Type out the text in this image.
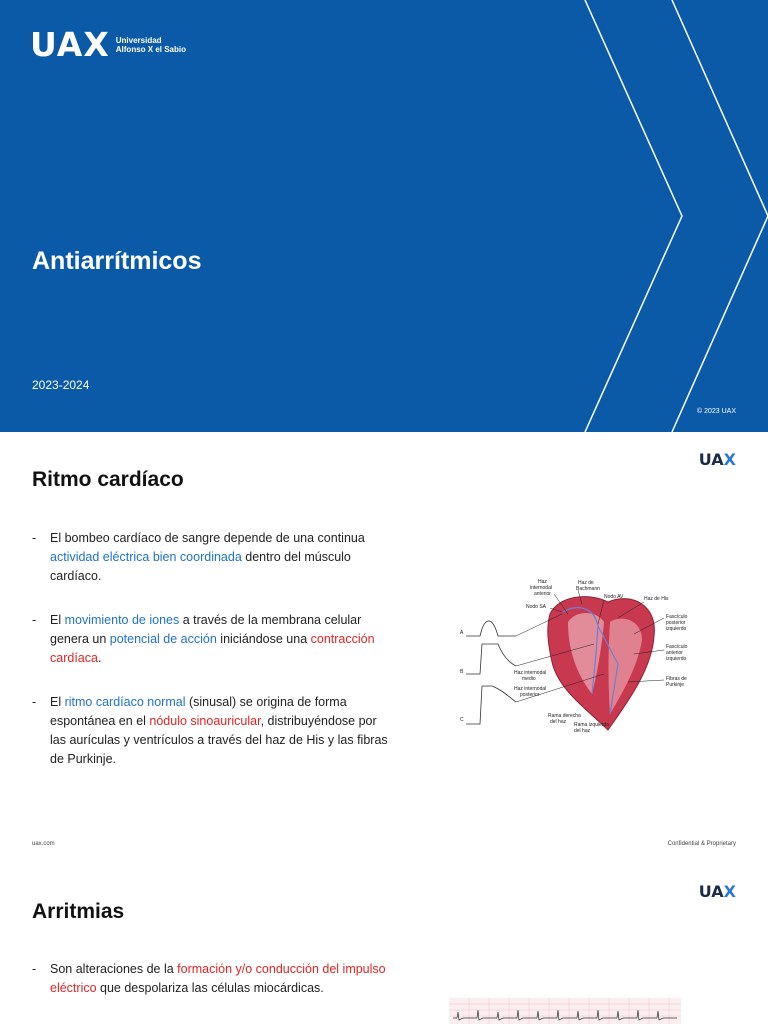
UAX Universidad
Alfonso X el Sabio
Antiarrítmicos
2023-2024
© 2023 UAX
UAX
Ritmo cardíaco
- El bombeo cardíaco de sangre depende de una continua actividad eléctrica bien coordinada dentro del músculo cardíaco.
- El movimiento de iones a través de la membrana celular genera un potencial de acción iniciándose una contracción cardíaca.
- El ritmo cardíaco normal (sinusal) se origina de forma espontánea en el nódulo sinoauricular, distribuyéndose por las aurículas y ventrículos a través del haz de His y las fibras de Purkinje.
A
B
C
Haz
internodal
anterior
Haz de
Bachmann
Nodo AV	Haz de His
Nodo SA
Fascículo
posterior
izquierdo
Fascículo
anterior
izquierdo
Haz internodal
medio
Haz internodal
posterior
Fibras de
Purkinje
Rama derecha
del haz Rama izquierda
del haz
uax.com	Confidential & Proprietary
UAX
Arritmias
- Son alteraciones de la formación y/o conducción del impulso eléctrico que despolariza las células miocárdicas.
